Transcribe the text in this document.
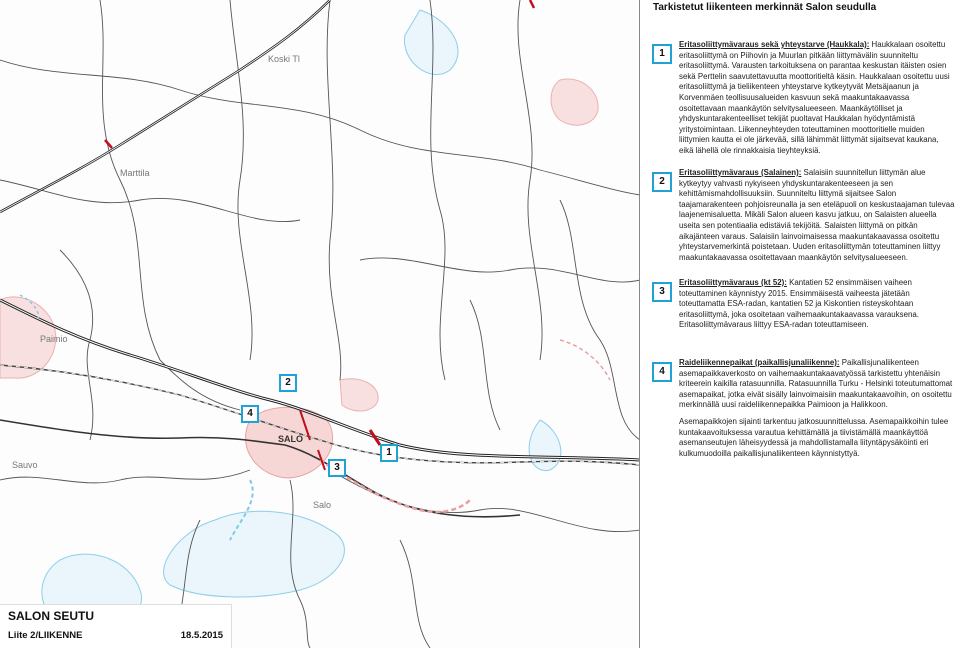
Koski Tl
Marttila
Paimio
SALO
Salo
Sauvo
1
2
3
4
SALON SEUTU
Liite 2/LIIKENNE	18.5.2015
Tarkistetut liikenteen merkinnät Salon seudulla
1
Eritasoliittymävaraus sekä yhteystarve (Haukkala): Haukkalaan osoitettu eritasoliittymä on Piihovin ja Muurlan pitkään liittymävälin suunniteltu eritasoliittymä. Varausten tarkoituksena on parantaa keskustan itäisten osien sekä Perttelin saavutettavuutta moottoritieltä käsin. Haukkalaan osoitettu uusi eritasoliittymä ja tieliikenteen yhteystarve kytkeytyvät Metsäjaanun ja Korvenmäen teollisuusalueiden kasvuun sekä maakuntakaavassa osoitettavaan maankäytön selvitysalueeseen. Maankäytölliset ja yhdyskuntarakenteelliset tekijät puoltavat Haukkalan hyödyntämistä yritystoimintaan. Liikenneyhteyden toteuttaminen moottoritielle muiden liittymien kautta ei ole järkevää, sillä lähimmät liittymät sijaitsevat kaukana, eikä lähellä ole rinnakkaisia tieyhteyksiä.
2
Eritasoliittymävaraus (Salainen): Salaisiin suunnitellun liittymän alue kytkeytyy vahvasti nykyiseen yhdyskuntarakenteeseen ja sen kehittämismahdollisuuksiin. Suunniteltu liittymä sijaitsee Salon taajamarakenteen pohjoisreunalla ja sen eteläpuoli on keskustaajaman tulevaa laajenemisaluetta. Mikäli Salon alueen kasvu jatkuu, on Salaisten alueella useita sen potentiaalia edistäviä tekijöitä. Salaisten liittymä on pitkän aikajänteen varaus. Salaisiin lainvoimaisessa maakuntakaavassa osoitettu yhteystarvemerkintä poistetaan. Uuden eritasoliittymän toteuttaminen liittyy maakuntakaavassa osoitettavaan maankäytön selvitysalueeseen.
3
Eritasoliittymävaraus (kt 52): Kantatien 52 ensimmäisen vaiheen toteuttaminen käynnistyy 2015. Ensimmäisestä vaiheesta jätetään toteuttamatta ESA-radan, kantatien 52 ja Kiskontien risteyskohtaan eritasoliittymä, joka osoitetaan vaihemaakuntakaavassa varauksena. Eritasoliittymävaraus liittyy ESA-radan toteuttamiseen.
4
Raideliikennepaikat (paikallisjunaliikenne): Paikallisjunaliikenteen asemapaikkaverkosto on vaihemaakuntakaavatyössä tarkistettu yhtenäisin kriteerein kaikilla ratasuunnilla. Ratasuunnilla Turku - Helsinki toteutumattomat asemapaikat, jotka eivät sisälly lainvoimaisiin maakuntakaavoihin, on osoitettu merkinnällä uusi raideliikennepaikka Paimioon ja Halikkoon.
Asemapaikkojen sijainti tarkentuu jatkosuunnittelussa. Asemapaikkoihin tulee kuntakaavoituksessa varautua kehittämällä ja tiivistämällä maankäyttöä asemanseutujen läheisyydessä ja mahdollistamalla liityntäpysäköinti eri kulkumuodoilla paikallisjunaliikenteen käynnistyttyä.
